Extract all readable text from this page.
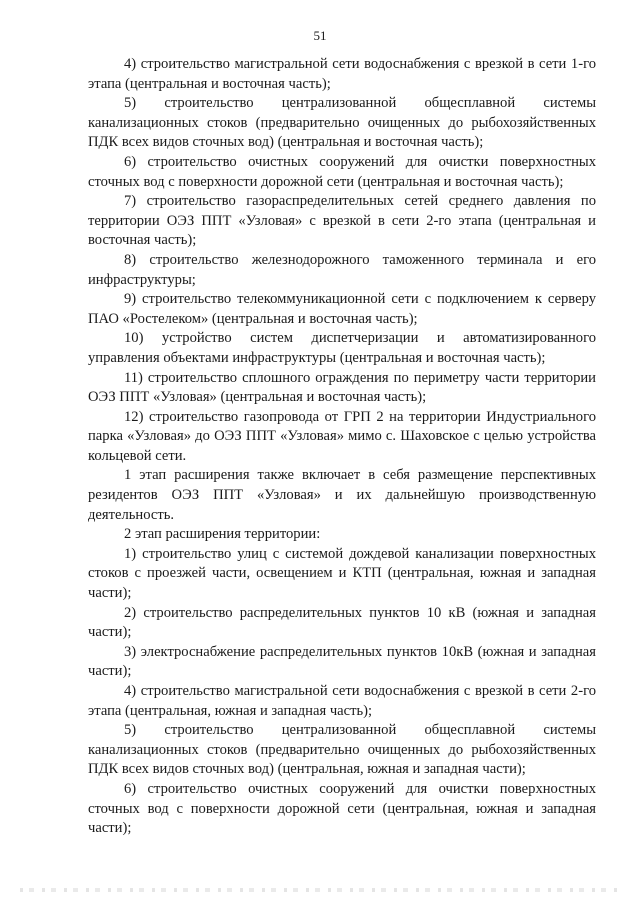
51

4) строительство магистральной сети водоснабжения с врезкой в сети 1-го этапа (центральная и восточная часть);

5) строительство централизованной общесплавной системы канализационных стоков (предварительно очищенных до рыбохозяйственных ПДК всех видов сточных вод) (центральная и восточная часть);

6) строительство очистных сооружений для очистки поверхностных сточных вод с поверхности дорожной сети (центральная и восточная часть);

7) строительство газораспределительных сетей среднего давления по территории ОЭЗ ППТ «Узловая» с врезкой в сети 2-го этапа (центральная и восточная часть);

8) строительство железнодорожного таможенного терминала и его инфраструктуры;

9) строительство телекоммуникационной сети с подключением к серверу ПАО «Ростелеком» (центральная и восточная часть);

10) устройство систем диспетчеризации и автоматизированного управления объектами инфраструктуры (центральная и восточная часть);

11) строительство сплошного ограждения по периметру части территории ОЭЗ ППТ «Узловая» (центральная и восточная часть);

12) строительство газопровода от ГРП 2 на территории Индустриального парка «Узловая» до ОЭЗ ППТ «Узловая» мимо с. Шаховское с целью устройства кольцевой сети.

1 этап расширения также включает в себя размещение перспективных резидентов ОЭЗ ППТ «Узловая» и их дальнейшую производственную деятельность.

2 этап расширения территории:

1) строительство улиц с системой дождевой канализации поверхностных стоков с проезжей части, освещением и КТП (центральная, южная и западная части);

2) строительство распределительных пунктов 10 кВ (южная и западная части);

3) электроснабжение распределительных пунктов 10кВ (южная и западная части);

4) строительство магистральной сети водоснабжения с врезкой в сети 2-го этапа (центральная, южная и западная часть);

5) строительство централизованной общесплавной системы канализационных стоков (предварительно очищенных до рыбохозяйственных ПДК всех видов сточных вод) (центральная, южная и западная части);

6) строительство очистных сооружений для очистки поверхностных сточных вод с поверхности дорожной сети (центральная, южная и западная части);
